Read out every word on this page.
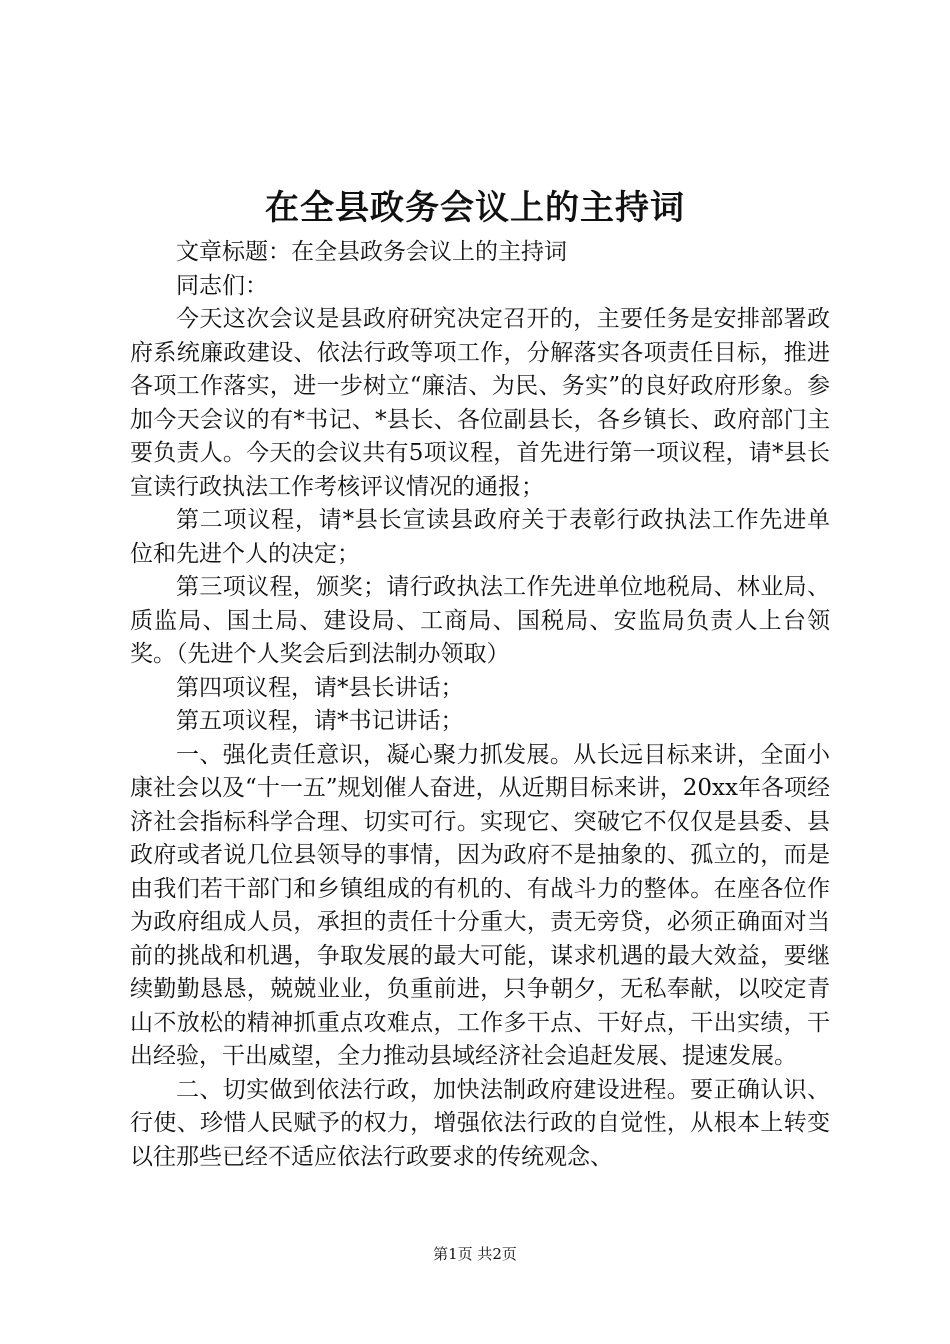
在全县政务会议上的主持词

文章标题：在全县政务会议上的主持词

同志们：

今天这次会议是县政府研究决定召开的，主要任务是安排部署政府系统廉政建设、依法行政等项工作，分解落实各项责任目标，推进各项工作落实，进一步树立“廉洁、为民、务实”的良好政府形象。参加今天会议的有*书记、*县长、各位副县长，各乡镇长、政府部门主要负责人。今天的会议共有5项议程，首先进行第一项议程，请*县长宣读行政执法工作考核评议情况的通报；

第二项议程，请*县长宣读县政府关于表彰行政执法工作先进单位和先进个人的决定；

第三项议程，颁奖；请行政执法工作先进单位地税局、林业局、质监局、国土局、建设局、工商局、国税局、安监局负责人上台领奖。（先进个人奖会后到法制办领取）

第四项议程，请*县长讲话；

第五项议程，请*书记讲话；

一、强化责任意识，凝心聚力抓发展。从长远目标来讲，全面小康社会以及“十一五”规划催人奋进，从近期目标来讲，20xx年各项经济社会指标科学合理、切实可行。实现它、突破它不仅仅是县委、县政府或者说几位县领导的事情，因为政府不是抽象的、孤立的，而是由我们若干部门和乡镇组成的有机的、有战斗力的整体。在座各位作为政府组成人员，承担的责任十分重大，责无旁贷，必须正确面对当前的挑战和机遇，争取发展的最大可能，谋求机遇的最大效益，要继续勤勤恳恳，兢兢业业，负重前进，只争朝夕，无私奉献，以咬定青山不放松的精神抓重点攻难点，工作多干点、干好点，干出实绩，干出经验，干出威望，全力推动县域经济社会追赶发展、提速发展。

二、切实做到依法行政，加快法制政府建设进程。要正确认识、行使、珍惜人民赋予的权力，增强依法行政的自觉性，从根本上转变以往那些已经不适应依法行政要求的传统观念、

第1页 共2页
